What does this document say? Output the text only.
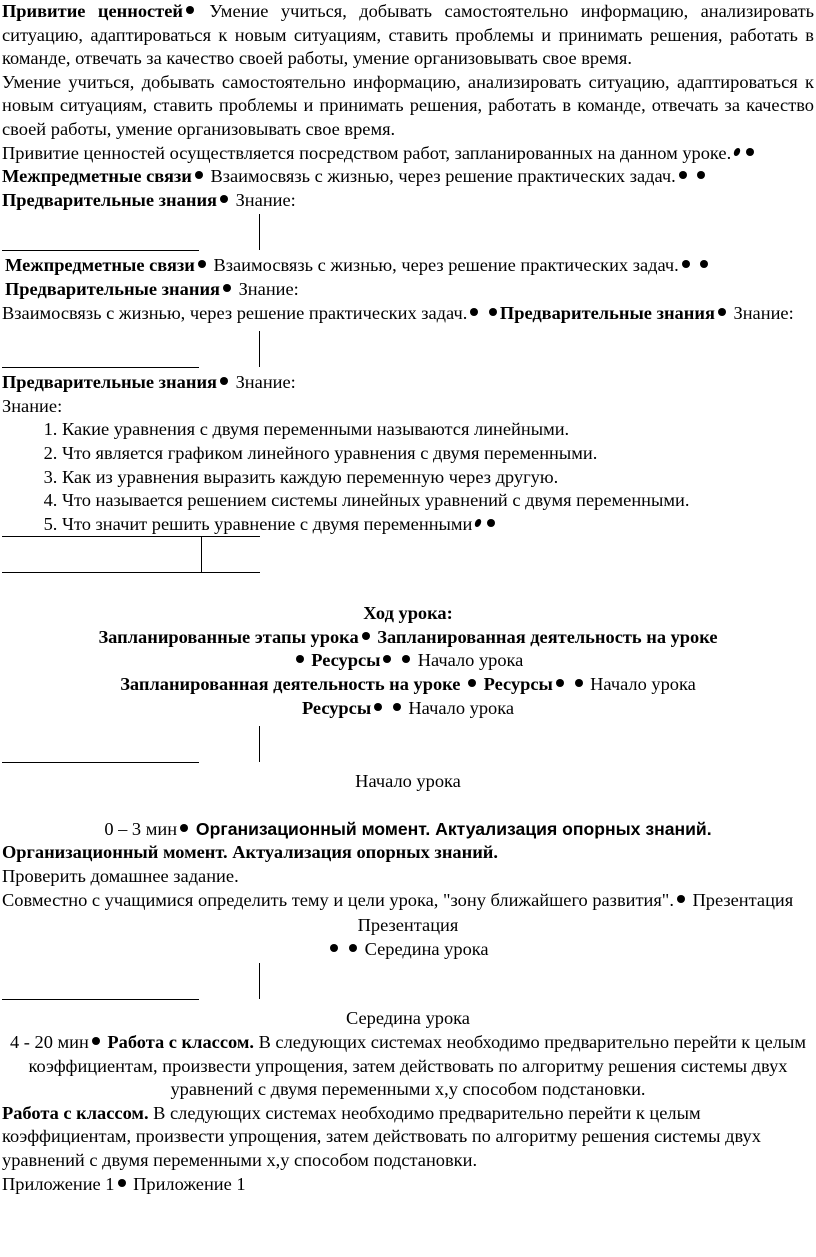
Привитие ценностей Умение учиться, добывать самостоятельно информацию, анализировать ситуацию, адаптироваться к новым ситуациям, ставить проблемы и принимать решения, работать в команде, отвечать за качество своей работы, умение организовывать свое время.

Умение учиться, добывать самостоятельно информацию, анализировать ситуацию, адаптироваться к новым ситуациям, ставить проблемы и принимать решения, работать в команде, отвечать за качество своей работы, умение организовывать свое время.

Привитие ценностей осуществляется посредством работ, запланированных на данном уроке.Межпредметные связи Взаимосвязь с жизнью, через решение практических задач. Предварительные знания Знание:

Межпредметные связи Взаимосвязь с жизнью, через решение практических задач. Предварительные знания Знание:

Взаимосвязь с жизнью, через решение практических задач. Предварительные знания Знание:

Предварительные знания Знание:

Знание:

1. Какие уравнения с двумя переменными называются линейными.
2. Что является графиком линейного уравнения с двумя переменными.
3. Как из уравнения выразить каждую переменную через другую.
4. Что называется решением системы линейных уравнений с двумя переменными.
5. Что значит решить уравнение с двумя переменными

Ход урока:

Запланированные этапы урока Запланированная деятельность на уроке

Ресурсы  Начало урока

Запланированная деятельность на уроке Ресурсы  Начало урока

Ресурсы  Начало урока

Начало урока

0 – 3 мин Организационный момент. Актуализация опорных знаний.

Организационный момент. Актуализация опорных знаний.

Проверить домашнее задание.

Совместно с учащимися определить тему и цели урока, "зону ближайшего развития". Презентация

Презентация

Середина урока

Середина урока

4 - 20 мин Работа с классом. В следующих системах необходимо предварительно перейти к целым коэффициентам, произвести упрощения, затем действовать по алгоритму решения системы двух уравнений с двумя переменными х,у способом подстановки.

Работа с классом. В следующих системах необходимо предварительно перейти к целым коэффициентам, произвести упрощения, затем действовать по алгоритму решения системы двух уравнений с двумя переменными х,у способом подстановки.

Приложение 1 Приложение 1
